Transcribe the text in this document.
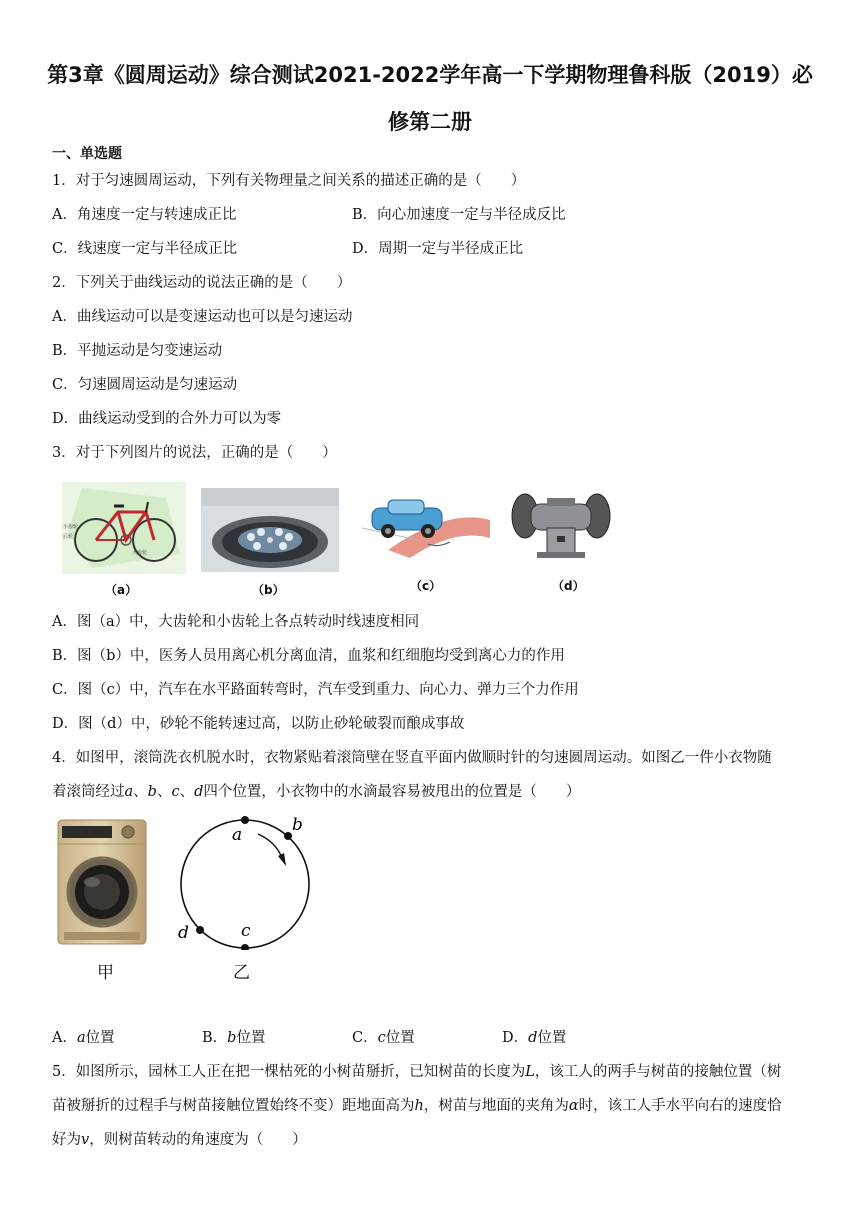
第3章《圆周运动》综合测试2021-2022学年高一下学期物理鲁科版（2019）必
修第二册
一、单选题
1．对于匀速圆周运动，下列有关物理量之间关系的描述正确的是（　　）
A．角速度一定与转速成正比	B．向心加速度一定与半径成反比
C．线速度一定与半径成正比	D．周期一定与半径成正比
2．下列关于曲线运动的说法正确的是（　　）
A．曲线运动可以是变速运动也可以是匀速运动
B．平抛运动是匀变速运动
C．匀速圆周运动是匀速运动
D．曲线运动受到的合外力可以为零
3．对于下列图片的说法，正确的是（　　）
小齿轮
后轮
大齿轮
（a）	（b）	（c）	（d）
A．图（a）中，大齿轮和小齿轮上各点转动时线速度相同
B．图（b）中，医务人员用离心机分离血清，血浆和红细胞均受到离心力的作用
C．图（c）中，汽车在水平路面转弯时，汽车受到重力、向心力、弹力三个力作用
D．图（d）中，砂轮不能转速过高，以防止砂轮破裂而酿成事故
4．如图甲，滚筒洗衣机脱水时，衣物紧贴着滚筒壁在竖直平面内做顺时针的匀速圆周运动。如图乙一件小衣物随
着滚筒经过a、b、c、d四个位置，小衣物中的水滴最容易被甩出的位置是（　　）
甲
a	b
d	c
乙
A．a位置	B．b位置	C．c位置	D．d位置
5．如图所示，园林工人正在把一棵枯死的小树苗掰折，已知树苗的长度为L，该工人的两手与树苗的接触位置（树
苗被掰折的过程手与树苗接触位置始终不变）距地面高为h，树苗与地面的夹角为α时，该工人手水平向右的速度恰
好为v，则树苗转动的角速度为（　　）
